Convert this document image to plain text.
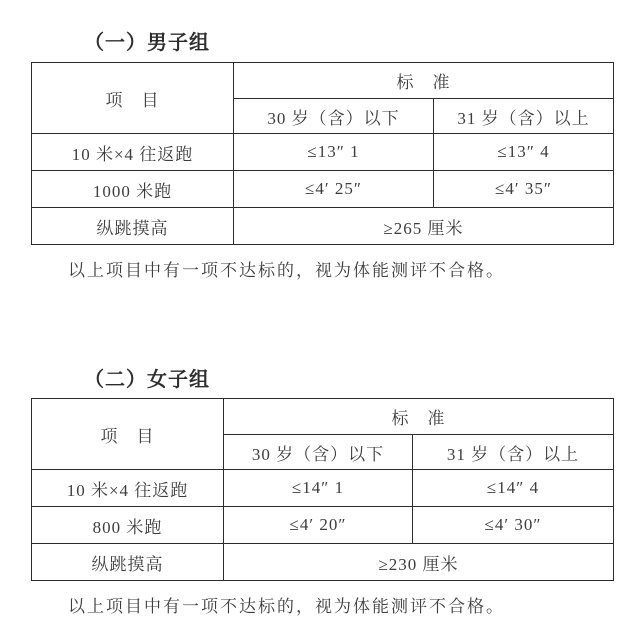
（一）男子组
项　目	标　准	
	30 岁（含）以下	31 岁（含）以上
10 米×4 往返跑	≤13″ 1	≤13″ 4
1000 米跑	≤4′ 25″	≤4′ 35″
纵跳摸高	≥265 厘米	

以上项目中有一项不达标的，视为体能测评不合格。

（二）女子组
项　目	标　准	
	30 岁（含）以下	31 岁（含）以上
10 米×4 往返跑	≤14″ 1	≤14″ 4
800 米跑	≤4′ 20″	≤4′ 30″
纵跳摸高	≥230 厘米	

以上项目中有一项不达标的，视为体能测评不合格。
